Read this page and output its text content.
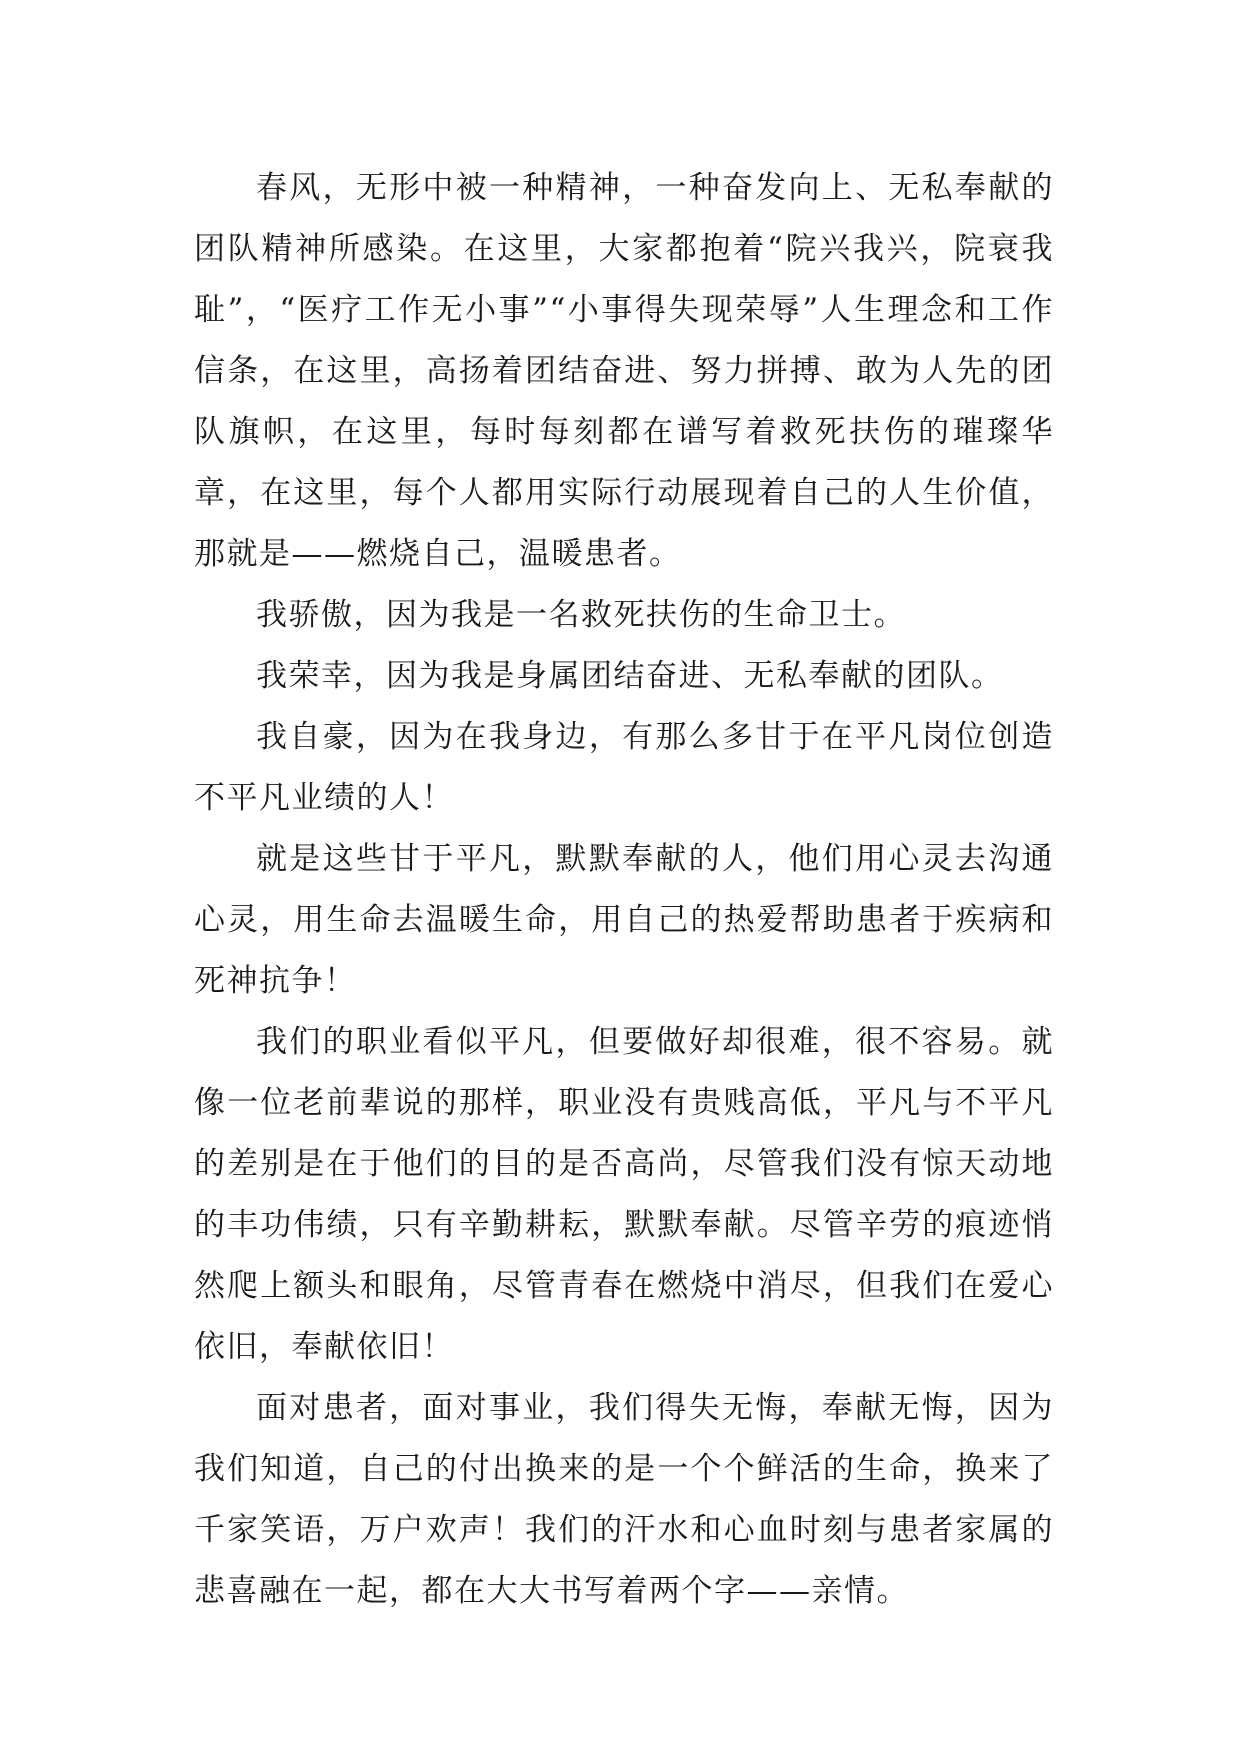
春风，无形中被一种精神，一种奋发向上、无私奉献的团队精神所感染。在这里，大家都抱着“院兴我兴，院衰我耻”，“医疗工作无小事”“小事得失现荣辱”人生理念和工作信条，在这里，高扬着团结奋进、努力拼搏、敢为人先的团队旗帜，在这里，每时每刻都在谱写着救死扶伤的璀璨华章，在这里，每个人都用实际行动展现着自己的人生价值，那就是——燃烧自己，温暖患者。

我骄傲，因为我是一名救死扶伤的生命卫士。

我荣幸，因为我是身属团结奋进、无私奉献的团队。

我自豪，因为在我身边，有那么多甘于在平凡岗位创造不平凡业绩的人！

就是这些甘于平凡，默默奉献的人，他们用心灵去沟通心灵，用生命去温暖生命，用自己的热爱帮助患者于疾病和死神抗争！

我们的职业看似平凡，但要做好却很难，很不容易。就像一位老前辈说的那样，职业没有贵贱高低，平凡与不平凡的差别是在于他们的目的是否高尚，尽管我们没有惊天动地的丰功伟绩，只有辛勤耕耘，默默奉献。尽管辛劳的痕迹悄然爬上额头和眼角，尽管青春在燃烧中消尽，但我们在爱心依旧，奉献依旧！

面对患者，面对事业，我们得失无悔，奉献无悔，因为我们知道，自己的付出换来的是一个个鲜活的生命，换来了千家笑语，万户欢声！我们的汗水和心血时刻与患者家属的悲喜融在一起，都在大大书写着两个字——亲情。
